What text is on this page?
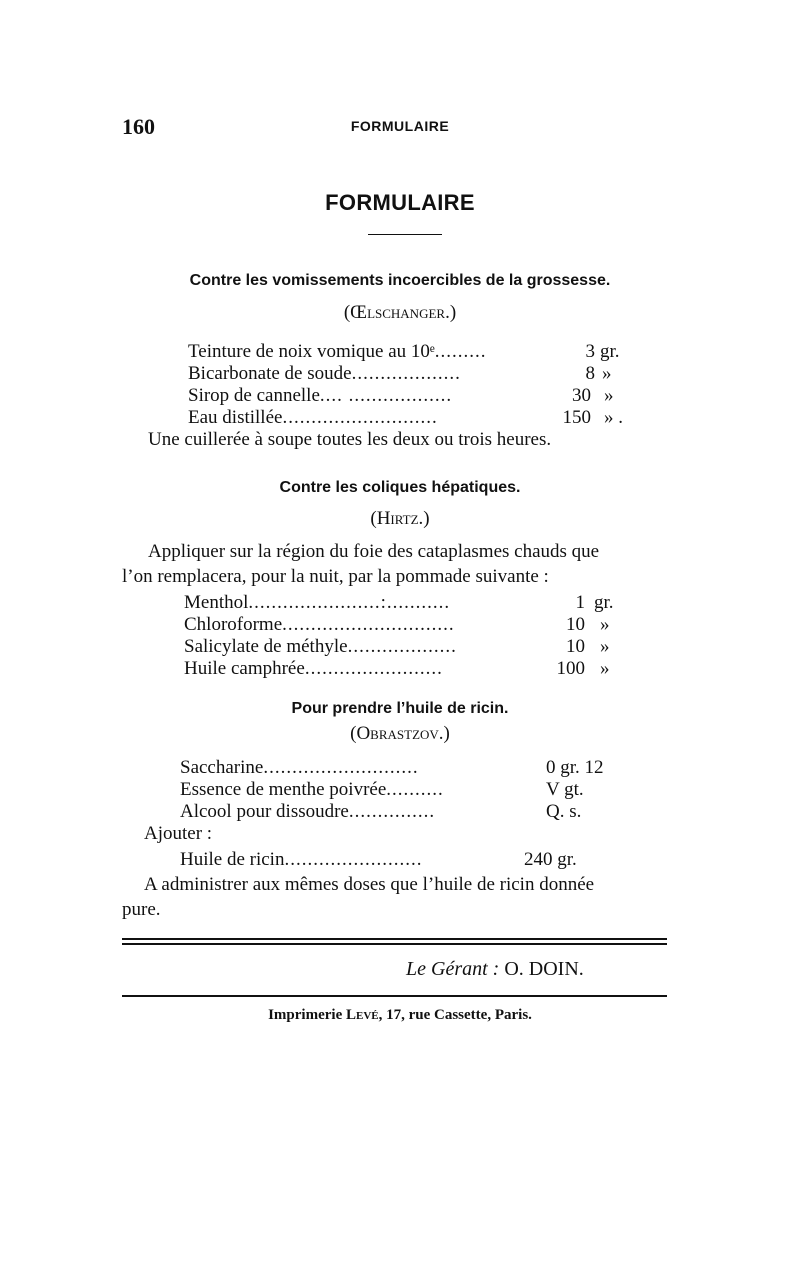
160	FORMULAIRE
FORMULAIRE
Contre les vomissements incoercibles de la grossesse.
(Œlschanger.)
Teinture de noix vomique au 10ᵉ.........	3 gr.
Bicarbonate de soude...................	8 »
Sirop de cannelle.... ..................	30 »
Eau distillée...........................	150 » .
Une cuillerée à soupe toutes les deux ou trois heures.
Contre les coliques hépatiques.
(Hirtz.)
Appliquer sur la région du foie des cataplasmes chauds que
l’on remplacera, pour la nuit, par la pommade suivante :
Menthol.......................:...........	1 gr.
Chloroforme..............................	10 »
Salicylate de méthyle...................	10 »
Huile camphrée........................	100 »
Pour prendre l’huile de ricin.
(Obrastzov.)
Saccharine...........................	0 gr. 12
Essence de menthe poivrée..........	V gt.
Alcool pour dissoudre...............	Q. s.
Ajouter :
Huile de ricin........................	240 gr.
A administrer aux mêmes doses que l’huile de ricin donnée
pure.
Le Gérant : O. DOIN.
Imprimerie Levé, 17, rue Cassette, Paris.
